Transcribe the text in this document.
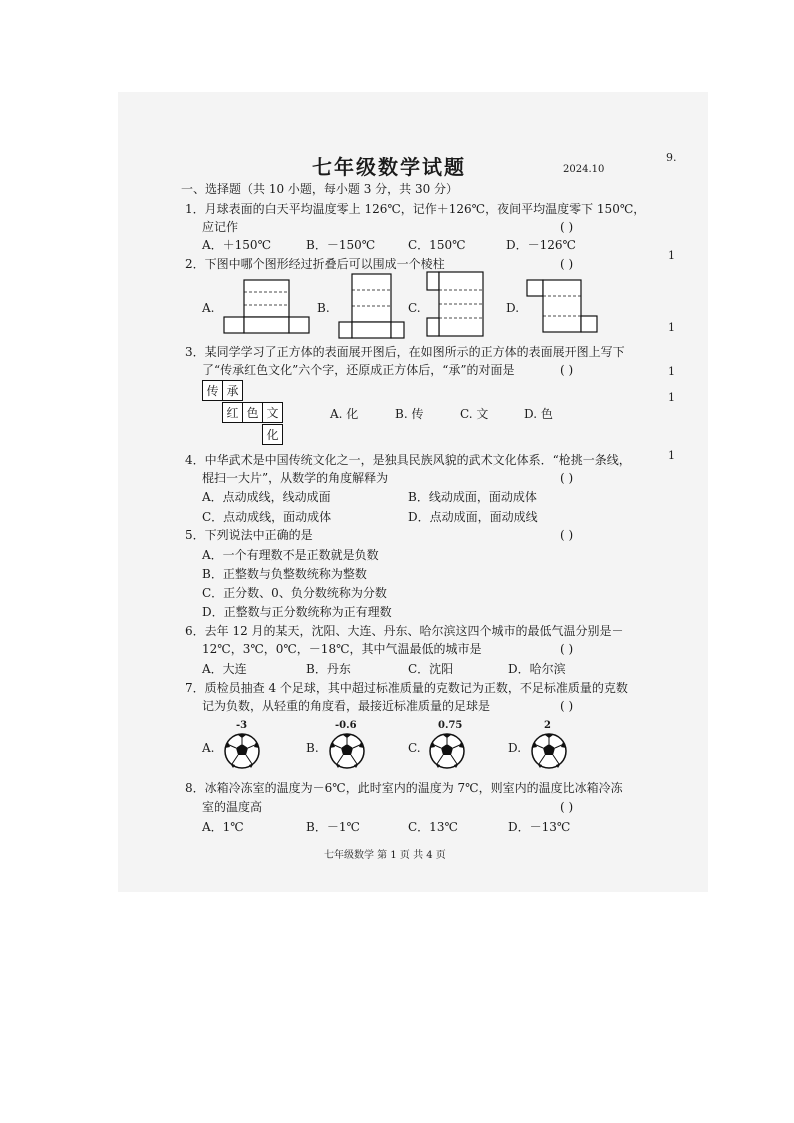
七年级数学试题	2024.10
9.
1
1
1
1
1
一、选择题（共 10 小题，每小题 3 分，共 30 分）
1．月球表面的白天平均温度零上 126℃，记作＋126℃，夜间平均温度零下 150℃，
应记作	( )
A．＋150℃	B．－150℃	C．150℃	D．－126℃
2．下图中哪个图形经过折叠后可以围成一个棱柱	( )
A.	B.	C.	D.
3．某同学学习了正方体的表面展开图后，在如图所示的正方体的表面展开图上写下
了“传承红色文化”六个字，还原成正方体后，“承”的对面是	( )
传 承
红 色 文
化
A. 化	B. 传	C. 文	D. 色
4．中华武术是中国传统文化之一，是独具民族风貌的武术文化体系．“枪挑一条线，
棍扫一大片”，从数学的角度解释为	( )
A．点动成线，线动成面	B．线动成面，面动成体
C．点动成线，面动成体	D．点动成面，面动成线
5．下列说法中正确的是	( )
A．一个有理数不是正数就是负数
B．正整数与负整数统称为整数
C．正分数、0、负分数统称为分数
D．正整数与正分数统称为正有理数
6．去年 12 月的某天，沈阳、大连、丹东、哈尔滨这四个城市的最低气温分别是－
12℃，3℃，0℃，－18℃，其中气温最低的城市是	( )
A．大连	B．丹东	C．沈阳	D．哈尔滨
7．质检员抽查 4 个足球，其中超过标准质量的克数记为正数，不足标准质量的克数
记为负数，从轻重的角度看，最接近标准质量的足球是	( )
-3	-0.6	0.75	2
A.	B.	C.	D.
8．冰箱冷冻室的温度为－6℃，此时室内的温度为 7℃，则室内的温度比冰箱冷冻
室的温度高	( )
A．1℃	B．－1℃	C．13℃	D．－13℃
七年级数学 第 1 页 共 4 页
